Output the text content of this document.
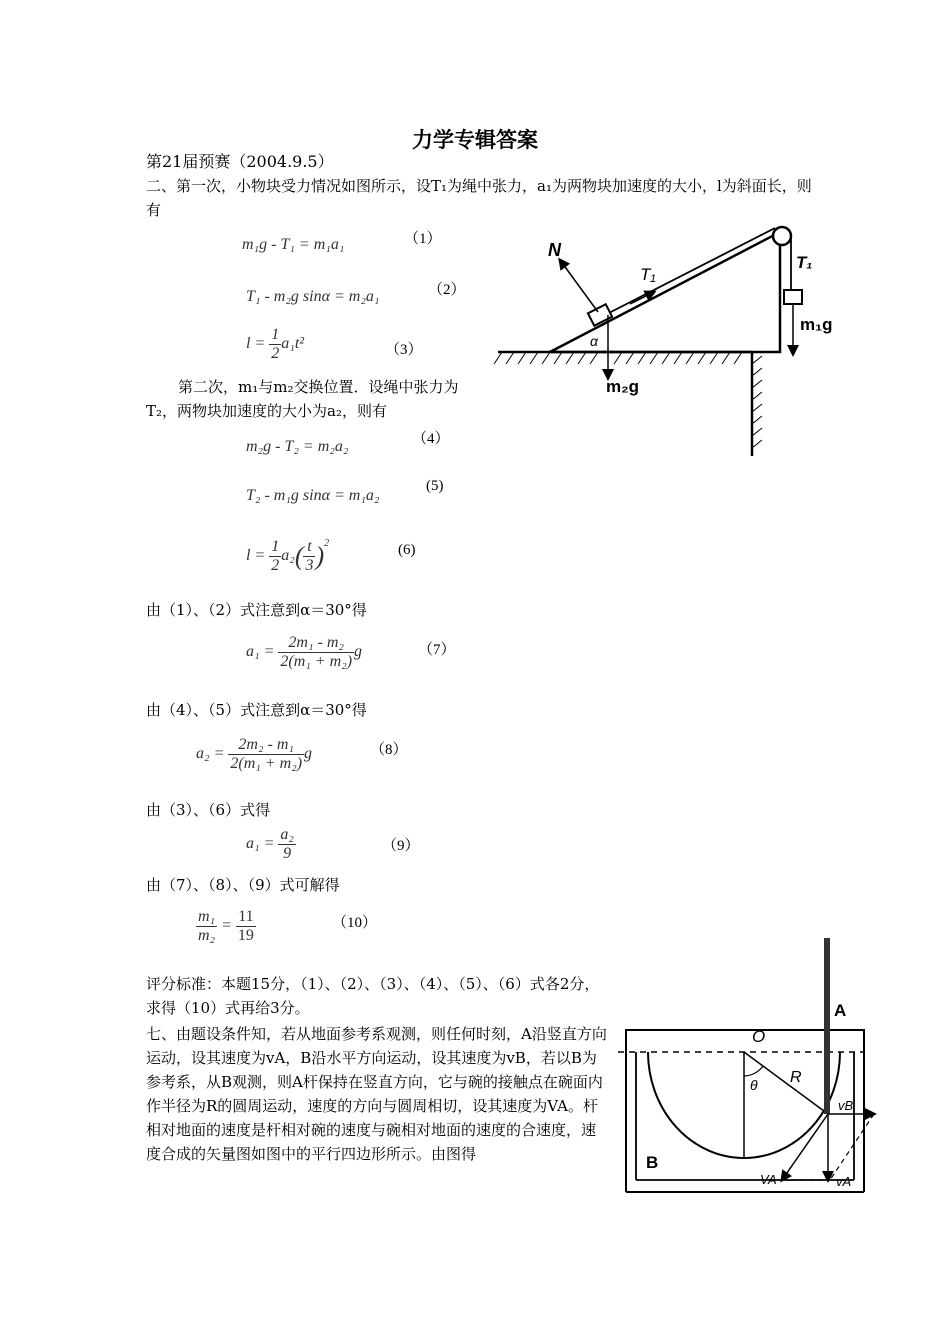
力学专辑答案
第21届预赛（2004.9.5）
二、第一次，小物块受力情况如图所示，设T₁为绳中张力，a₁为两物块加速度的大小，l为斜面长，则有
m₁g - T₁ = m₁a₁	（1）
T₁ - m₂g sinα = m₂a₁	（2）
$l = \frac{1}{2} a_1t^2$	（3）
第二次，m₁与m₂交换位置．设绳中张力为T₂，两物块加速度的大小为a₂，则有
m₂g - T₂ = m₂a₂	（4）
T₂ - m₁g sinα = m₁a₂
(5)
$l = \frac{1}{2} a_2( \frac{t}{3} )^2$	(6)
由（1）、（2）式注意到α＝30°得
$a_1 = \frac{\text{2m₁ - m₂}}{\text{2(m₁ + m₂)}}$ g	（7）
由（4）、（5）式注意到α＝30°得
$a_2 = \frac{\text{2m₂ - m₁}}{\text{2(m₁ + m₂)}}$ g	（8）
由（3）、（6）式得
$a_1 = \frac{\text{a₂}}{9}$	（9）
由（7）、（8）、（9）式可解得
$\frac{\text{m₁}}{\text{m₂}} = \frac{11}{19}$	（10）
评分标准：本题15分，（1）、（2）、（3）、（4）、（5）、（6）式各2分，求得（10）式再给3分。
七、由题设条件知，若从地面参考系观测，则任何时刻，A沿竖直方向运动，设其速度为vA，B沿水平方向运动，设其速度为vB，若以B为参考系，从B观测，则A杆保持在竖直方向，它与碗的接触点在碗面内作半径为R的圆周运动，速度的方向与圆周相切，设其速度为VA。杆相对地面的速度是杆相对碗的速度与碗相对地面的速度的合速度，速度合成的矢量图如图中的平行四边形所示。由图得
N
T₁
T₁
m₁g
m₂g
α
A
O
θ R
vB
B
VA	vA
